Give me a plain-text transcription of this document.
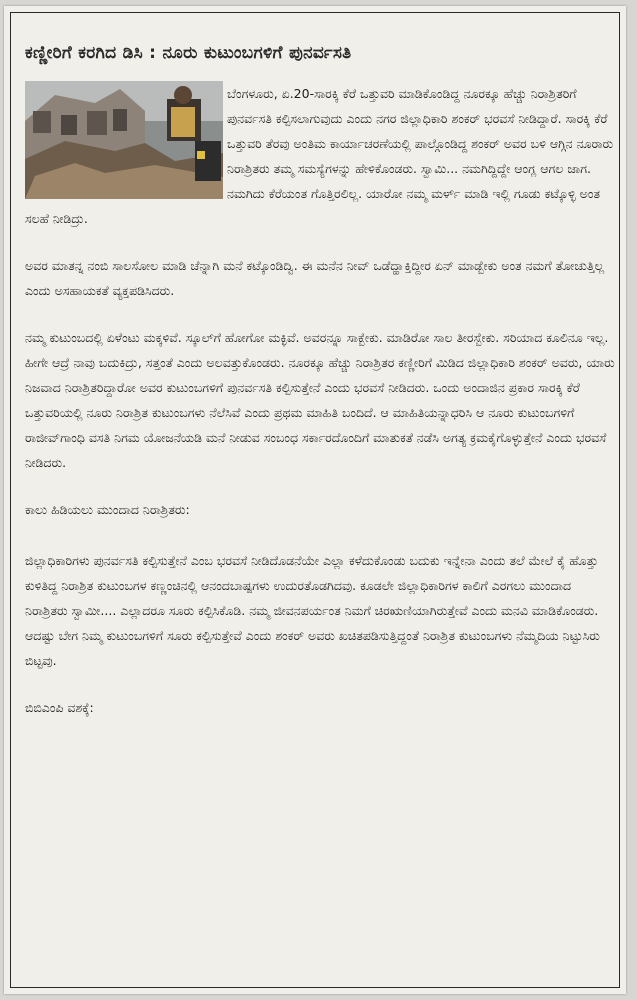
ಕಣ್ಣೀರಿಗೆ ಕರಗಿದ ಡಿಸಿ : ನೂರು ಕುಟುಂಬಗಳಿಗೆ ಪುನರ್ವಸತಿ

ಬೆಂಗಳೂರು, ಏ.20-ಸಾರಕ್ಕಿ ಕೆರೆ ಒತ್ತುವರಿ ಮಾಡಿಕೊಂಡಿದ್ದ ನೂರಕ್ಕೂ ಹೆಚ್ಚು ನಿರಾಶ್ರಿತರಿಗೆ ಪುನರ್ವಸತಿ ಕಲ್ಪಿಸಲಾಗುವುದು ಎಂದು ನಗರ ಜಿಲ್ಲಾಧಿಕಾರಿ ಶಂಕರ್ ಭರವಸೆ ನೀಡಿದ್ದಾರೆ. ಸಾರಕ್ಕಿ ಕೆರೆ ಒತ್ತುವರಿ ತೆರವು ಅಂತಿಮ ಕಾರ್ಯಾಚರಣೆಯಲ್ಲಿ ಪಾಲ್ಗೊಂಡಿದ್ದ ಶಂಕರ್ ಅವರ ಬಳಿ ಆಗ್ಗಿನ ನೂರಾರು ನಿರಾಶ್ರಿತರು ತಮ್ಮ ಸಮಸ್ಯೆಗಳನ್ನು ಹೇಳಿಕೊಂಡರು. ಸ್ವಾಮಿ... ನಮಗಿದ್ದಿದ್ದೇ ಆಂಗ್ಲ ಆಗಲ ಜಾಗ. ನಮಗಿದು ಕೆರೆಯಂತ ಗೊತ್ತಿರಲಿಲ್ಲ. ಯಾರೋ ನಮ್ಮ ಮರ್ಳ್ ಮಾಡಿ ಇಲ್ಲಿ ಗೂಡು ಕಟ್ಕೊಳ್ಳಿ ಅಂತ ಸಲಹೆ ನೀಡಿದ್ರು.

ಅವರ ಮಾತನ್ನ ನಂಬಿ ಸಾಲಸೋಲ ಮಾಡಿ ಚೆನ್ನಾಗಿ ಮನೆ ಕಟ್ಕೊಂಡಿದ್ವಿ. ಈ ಮನೆನ ನೀವ್ ಒಡೆದ್ಹಾಕ್ತಿದ್ದೀರ ಏನ್ ಮಾಡ್ಬೇಕು ಅಂತ ನಮಗೆ ತೋಚುತ್ತಿಲ್ಲ ಎಂದು ಅಸಹಾಯಕತೆ ವ್ಯಕ್ತಪಡಿಸಿದರು.

ನಮ್ಮ ಕುಟುಂಬದಲ್ಲಿ ಏಳೆಂಟು ಮಕ್ಕಳಿವೆ. ಸ್ಕೂಲ್‌ಗೆ ಹೋಗೋ ಮಕ್ಳಿವೆ. ಅವರನ್ನೂ ಸಾಕ್ಬೇಕು. ಮಾಡಿರೋ ಸಾಲ ತೀರಸ್ಬೇಕು. ಸರಿಯಾದ ಕೂಲಿನೂ ಇಲ್ಲ. ಹೀಗೇ ಆದ್ರೆ ನಾವು ಬದುಕಿದ್ರು, ಸತ್ತಂತೆ ಎಂದು ಅಲವತ್ತುಕೊಂಡರು. ನೂರಕ್ಕೂ ಹೆಚ್ಚು ನಿರಾಶ್ರಿತರ ಕಣ್ಣೀರಿಗೆ ಮಿಡಿದ ಜಿಲ್ಲಾಧಿಕಾರಿ ಶಂಕರ್ ಅವರು, ಯಾರು ನಿಜವಾದ ನಿರಾಶ್ರಿತರಿದ್ದಾರೋ ಅವರ ಕುಟುಂಬಗಳಿಗೆ ಪುನರ್ವಸತಿ ಕಲ್ಪಿಸುತ್ತೇನೆ ಎಂದು ಭರವಸೆ ನೀಡಿದರು. ಒಂದು ಅಂದಾಜಿನ ಪ್ರಕಾರ ಸಾರಕ್ಕಿ ಕೆರೆ ಒತ್ತುವರಿಯಲ್ಲಿ ನೂರು ನಿರಾಶ್ರಿತ ಕುಟುಂಬಗಳು ನೆಲೆಸಿವೆ ಎಂದು ಪ್ರಥಮ ಮಾಹಿತಿ ಬಂದಿದೆ. ಆ ಮಾಹಿತಿಯನ್ನಾಧರಿಸಿ ಆ ನೂರು ಕುಟುಂಬಗಳಿಗೆ ರಾಜೀವ್‌ಗಾಂಧಿ ವಸತಿ ನಿಗಮ ಯೋಜನೆಯಡಿ ಮನೆ ನೀಡುವ ಸಂಬಂಧ ಸರ್ಕಾರದೊಂದಿಗೆ ಮಾತುಕತೆ ನಡೆಸಿ ಅಗತ್ಯ ಕ್ರಮಕೈಗೊಳ್ಳುತ್ತೇನೆ ಎಂದು ಭರವಸೆ ನೀಡಿದರು.

ಕಾಲು ಹಿಡಿಯಲು ಮುಂದಾದ ನಿರಾಶ್ರಿತರು:

ಜಿಲ್ಲಾಧಿಕಾರಿಗಳು ಪುನರ್ವಸತಿ ಕಲ್ಪಿಸುತ್ತೇನೆ ಎಂಬ ಭರವಸೆ ನೀಡಿದೊಡನೆಯೇ ಎಲ್ಲಾ ಕಳೆದುಕೊಂಡು ಬದುಕು ಇನ್ನೇನಾ ಎಂದು ತಲೆ ಮೇಲೆ ಕೈ ಹೊತ್ತು ಕುಳಿತಿದ್ದ ನಿರಾಶ್ರಿತ ಕುಟುಂಬಗಳ ಕಣ್ಣಂಚಿನಲ್ಲಿ ಆನಂದಬಾಷ್ಪಗಳು ಉದುರತೊಡಗಿದವು. ಕೂಡಲೇ ಜಿಲ್ಲಾಧಿಕಾರಿಗಳ ಕಾಲಿಗೆ ಎರಗಲು ಮುಂದಾದ ನಿರಾಶ್ರಿತರು ಸ್ವಾಮೀ.... ಎಲ್ಲಾದರೂ ಸೂರು ಕಲ್ಪಿಸಿಕೊಡಿ. ನಮ್ಮ ಜೀವನಪರ್ಯಂತ ನಿಮಗೆ ಚಿರಋಣಿಯಾಗಿರುತ್ತೇವೆ ಎಂದು ಮನವಿ ಮಾಡಿಕೊಂಡರು. ಆದಷ್ಟು ಬೇಗ ನಿಮ್ಮ ಕುಟುಂಬಗಳಿಗೆ ಸೂರು ಕಲ್ಪಿಸುತ್ತೇವೆ ಎಂದು ಶಂಕರ್ ಅವರು ಖಚಿತಪಡಿಸುತ್ತಿದ್ದಂತೆ ನಿರಾಶ್ರಿತ ಕುಟುಂಬಗಳು ನೆಮ್ಮದಿಯ ನಿಟ್ಟುಸಿರು ಬಿಟ್ಟವು.

ಬಿಬಿಎಂಪಿ ವಶಕ್ಕೆ:
